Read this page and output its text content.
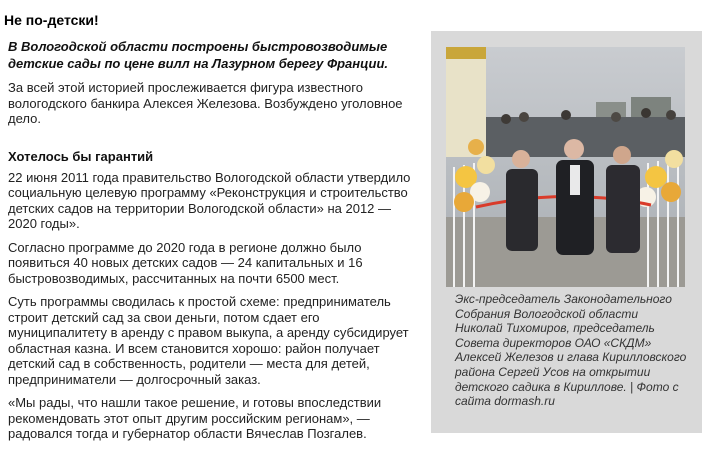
Не по-детски!

В Вологодской области построены быстровозводимые детские сады по цене вилл на Лазурном берегу Франции.

За всей этой историей прослеживается фигура известного вологодского банкира Алексея Железова. Возбуждено уголовное дело.

Хотелось бы гарантий

22 июня 2011 года правительство Вологодской области утвердило социальную целевую программу «Реконструкция и строительство детских садов на территории Вологодской области» на 2012 — 2020 годы».

Согласно программе до 2020 года в регионе должно было появиться 40 новых детских садов — 24 капитальных и 16 быстровозводимых, рассчитанных на почти 6500 мест.

Суть программы сводилась к простой схеме: предприниматель строит детский сад за свои деньги, потом сдает его муниципалитету в аренду с правом выкупа, а аренду субсидирует областная казна. И всем становится хорошо: район получает детский сад в собственность, родители — места для детей, предприниматели — долгосрочный заказ.

«Мы рады, что нашли такое решение, и готовы впоследствии рекомендовать этот опыт другим российским регионам», — радовался тогда и губернатор области Вячеслав Позгалев.

Экс-председатель Законодательного Собрания Вологодской области Николай Тихомиров, председатель Совета директоров ОАО «СКДМ» Алексей Железов и глава Кирилловского района Сергей Усов на открытии детского садика в Кириллове. | Фото с сайта dormash.ru
